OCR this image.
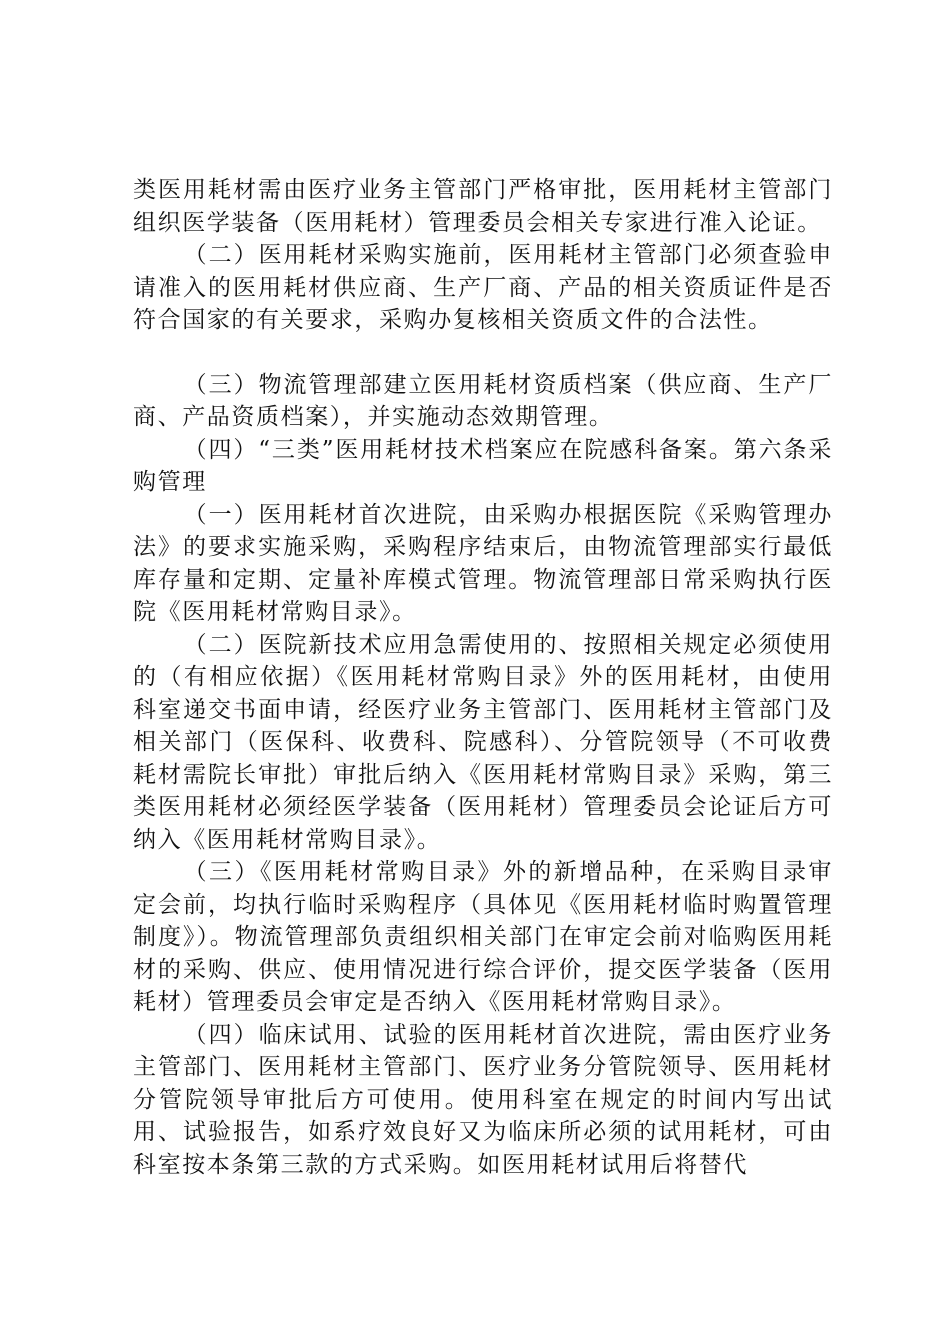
类医用耗材需由医疗业务主管部门严格审批，医用耗材主管部门组织医学装备（医用耗材）管理委员会相关专家进行准入论证。

（二）医用耗材采购实施前，医用耗材主管部门必须查验申请准入的医用耗材供应商、生产厂商、产品的相关资质证件是否符合国家的有关要求，采购办复核相关资质文件的合法性。

（三）物流管理部建立医用耗材资质档案（供应商、生产厂商、产品资质档案），并实施动态效期管理。

（四）“三类”医用耗材技术档案应在院感科备案。第六条采购管理

（一）医用耗材首次进院，由采购办根据医院《采购管理办法》的要求实施采购，采购程序结束后，由物流管理部实行最低库存量和定期、定量补库模式管理。物流管理部日常采购执行医院《医用耗材常购目录》。

（二）医院新技术应用急需使用的、按照相关规定必须使用的（有相应依据）《医用耗材常购目录》外的医用耗材，由使用科室递交书面申请，经医疗业务主管部门、医用耗材主管部门及相关部门（医保科、收费科、院感科）、分管院领导（不可收费耗材需院长审批）审批后纳入《医用耗材常购目录》采购，第三类医用耗材必须经医学装备（医用耗材）管理委员会论证后方可纳入《医用耗材常购目录》。

（三）《医用耗材常购目录》外的新增品种，在采购目录审定会前，均执行临时采购程序（具体见《医用耗材临时购置管理制度》）。物流管理部负责组织相关部门在审定会前对临购医用耗材的采购、供应、使用情况进行综合评价，提交医学装备（医用耗材）管理委员会审定是否纳入《医用耗材常购目录》。

（四）临床试用、试验的医用耗材首次进院，需由医疗业务主管部门、医用耗材主管部门、医疗业务分管院领导、医用耗材分管院领导审批后方可使用。使用科室在规定的时间内写出试用、试验报告，如系疗效良好又为临床所必须的试用耗材，可由科室按本条第三款的方式采购。如医用耗材试用后将替代
